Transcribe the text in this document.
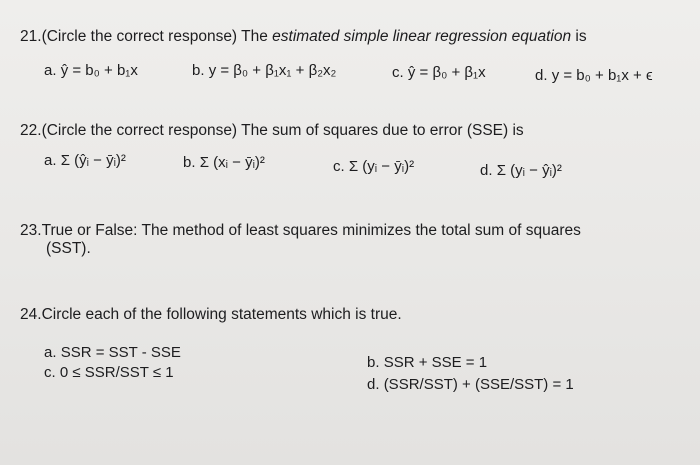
21.(Circle the correct response) The estimated simple linear regression equation is
a. ŷ = b₀ + b₁x	b. y = β₀ + β₁x₁ + β₂x₂	c. ŷ = β₀ + β₁x	d. y = b₀ + b₁x + ϵ

22.(Circle the correct response) The sum of squares due to error (SSE) is
a. Σ (ŷᵢ − ȳᵢ)²	b. Σ (xᵢ − ȳᵢ)²	c. Σ (yᵢ − ȳᵢ)²	d. Σ (yᵢ − ŷᵢ)²
23.True or False: The method of least squares minimizes the total sum of squares
(SST).
24.Circle each of the following statements which is true.
a. SSR = SST - SSE
b. SSR + SSE = 1
c. 0 ≤ SSR/SST ≤ 1
d. (SSR/SST) + (SSE/SST) = 1
